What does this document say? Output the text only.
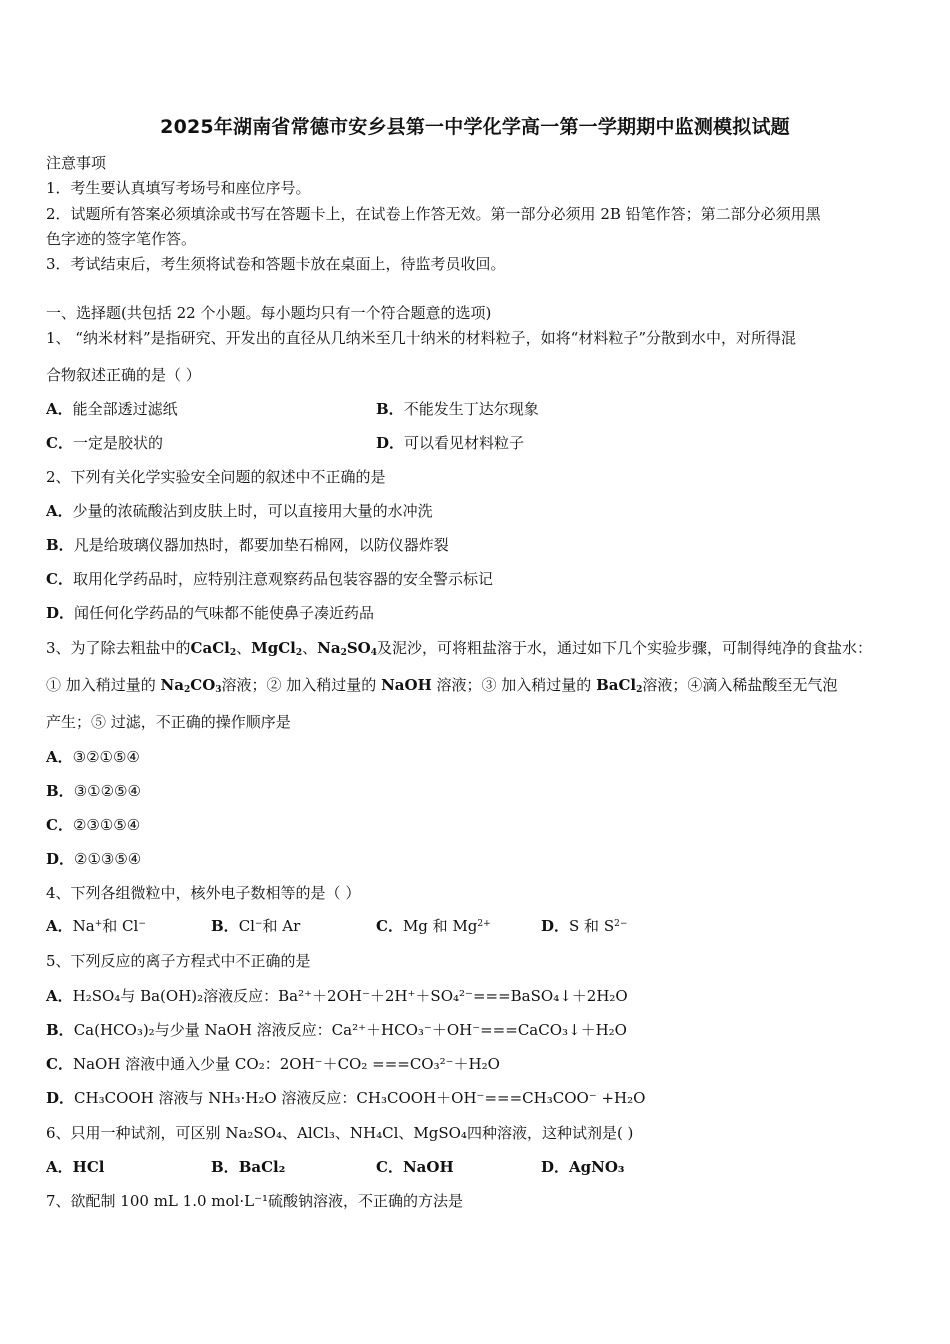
2025年湖南省常德市安乡县第一中学化学高一第一学期期中监测模拟试题
注意事项
1．考生要认真填写考场号和座位序号。
2．试题所有答案必须填涂或书写在答题卡上，在试卷上作答无效。第一部分必须用 2B 铅笔作答；第二部分必须用黑
色字迹的签字笔作答。
3．考试结束后，考生须将试卷和答题卡放在桌面上，待监考员收回。
一、选择题(共包括 22 个小题。每小题均只有一个符合题意的选项)
1、 “纳米材料”是指研究、开发出的直径从几纳米至几十纳米的材料粒子，如将“材料粒子”分散到水中，对所得混
合物叙述正确的是（ ）
A．能全部透过滤纸	B．不能发生丁达尔现象
C．一定是胶状的	D．可以看见材料粒子
2、下列有关化学实验安全问题的叙述中不正确的是
A．少量的浓硫酸沾到皮肤上时，可以直接用大量的水冲洗
B．凡是给玻璃仪器加热时，都要加垫石棉网，以防仪器炸裂
C．取用化学药品时，应特别注意观察药品包装容器的安全警示标记
D．闻任何化学药品的气味都不能使鼻子凑近药品
3、为了除去粗盐中的CaCl$_2$、MgCl$_2$、$Na_2SO_4$及泥沙，可将粗盐溶于水，通过如下几个实验步骤，可制得纯净的食盐水：
① 加入稍过量的 $Na_2CO_3$溶液；② 加入稍过量的 NaOH 溶液；③ 加入稍过量的 BaCl$_2$溶液；④滴入稀盐酸至无气泡
产生；⑤ 过滤，不正确的操作顺序是
A．③②①⑤④
B．③①②⑤④
C．②③①⑤④
D．②①③⑤④
4、下列各组微粒中，核外电子数相等的是（ ）
A．Na+和 Cl−	B．Cl−和 Ar	C．Mg 和 $Mg^{2+}$	D．S 和 $S^{2-}$
5、下列反应的离子方程式中不正确的是
A．H₂SO₄与 Ba(OH)₂溶液反应：Ba²⁺＋2OH⁻＋2H⁺＋SO₄²⁻===BaSO₄↓＋2H₂O
B．Ca(HCO₃)₂与少量 NaOH 溶液反应：Ca²⁺＋HCO₃⁻＋OH⁻===CaCO₃↓＋H₂O
C．NaOH 溶液中通入少量 CO₂：2OH⁻＋CO₂ ===CO₃²⁻＋H₂O
D．CH₃COOH 溶液与 NH₃·H₂O 溶液反应：CH₃COOH＋OH⁻===CH₃COO⁻ +H₂O
6、只用一种试剂，可区别 Na₂SO₄、AlCl₃、NH₄Cl、MgSO₄四种溶液，这种试剂是( )
A．HCl	B．BaCl₂	C．NaOH	D．AgNO₃
7、欲配制 100 mL 1.0 mol·L⁻¹硫酸钠溶液，不正确的方法是
